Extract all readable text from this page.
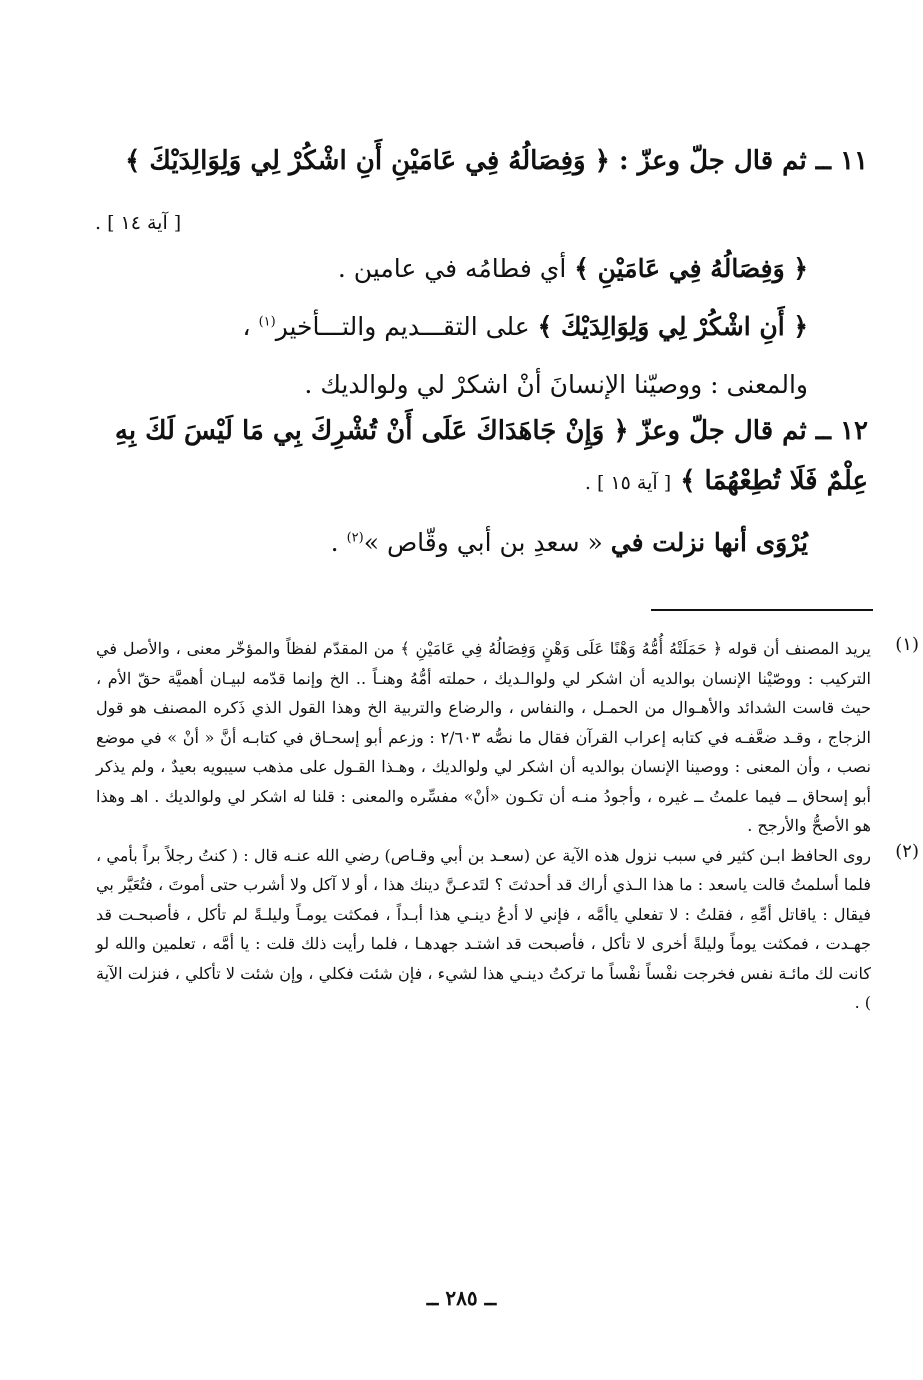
١١ ــ ثم قال جلّ وعزّ : ﴿ وَفِصَالُهُ فِي عَامَيْنِ أَنِ اشْكُرْ لِي وَلِوَالِدَيْكَ ﴾

[ آية ١٤ ] .

﴿ وَفِصَالُهُ فِي عَامَيْنِ ﴾ أي فطامُه في عامين .

﴿ أَنِ اشْكُرْ لِي وَلِوَالِدَيْكَ ﴾ على التقـــديم والتـــأخير$^{(١)}$ ،

والمعنى : ووصيّنا الإنسانَ أنْ اشكرْ لي ولوالديك .

١٢ ــ ثم قال جلّ وعزّ ﴿ وَإِنْ جَاهَدَاكَ عَلَى أَنْ تُشْرِكَ بِي مَا لَيْسَ لَكَ بِهِ

عِلْمٌ فَلَا تُطِعْهُمَا ﴾ [ آية ١٥ ] .

يُرْوَى أنها نزلت في « سعدِ بن أبي وقّاص »$^{(٢)}$ .

(١)

يريد المصنف أن قوله ﴿ حَمَلَتْهُ أُمُّهُ وَهْنًا عَلَى وَهْنٍ وَفِصَالُهُ فِي عَامَيْنِ ﴾ من المقدّم لفظاً والمؤخّر معنى ، والأصل في التركيب : ووصّيْنا الإنسان بوالديه أن اشكر لي ولوالـديك ، حملته أمُّهُ وهنـاً .. الخ وإنما قدّمه لبيـان أهميَّة حقّ الأم ، حيث قاست الشدائد والأهـوال من الحمـل ، والنفاس ، والرضاع والتربية الخ وهذا القول الذي ذَكره المصنف هو قول الزجاج ، وقـد ضعَّفـه في كتابه إعراب القرآن فقال ما نصُّه ٢/٦٠٣ : وزعم أبو إسحـاق في كتابـه أنَّ « أنْ » في موضع نصب ، وأن المعنى : ووصينا الإنسان بوالديه أن اشكر لي ولوالديك ، وهـذا القـول على مذهب سيبويه بعيدٌ ، ولم يذكر أبو إسحاق ــ فيما علمتُ ــ غيره ، وأجودُ منـه أن تكـون «أنْ» مفسِّره والمعنى : قلنا له اشكر لي ولوالديك . اهـ وهذا هو الأصحُّ والأرجح .

(٢)

روى الحافظ ابـن كثير في سبب نزول هذه الآية عن (سعـد بن أبي وقـاص) رضي الله عنـه قال : ( كنتُ رجلاً براً بأمي ، فلما أسلمتُ قالت ياسعد : ما هذا الـذي أراك قد أحدثتَ ؟ لتَدعـنَّ دينك هذا ، أو لا آكل ولا أشرب حتى أموتَ ، فتُعَيَّر بي فيقال : ياقاتل أمِّهِ ، فقلتُ : لا تفعلي ياأمَّه ، فإني لا أدعُ دينـي هذا أبـداً ، فمكثت يومـاً وليلـةً لم تأكل ، فأصبحـت قد جهـدت ، فمكثت يوماً وليلةً أخرى لا تأكل ، فأصبحت قد اشتـد جهدهـا ، فلما رأيت ذلك قلت : يا أمَّه ، تعلمين والله لو كانت لك مائـة نفس فخرجت نفْساً نفْساً ما تركتُ دينـي هذا لشيء ، فإن شئت فكلي ، وإن شئت لا تأكلي ، فنزلت الآية ) .

ــ ٢٨٥ ــ
